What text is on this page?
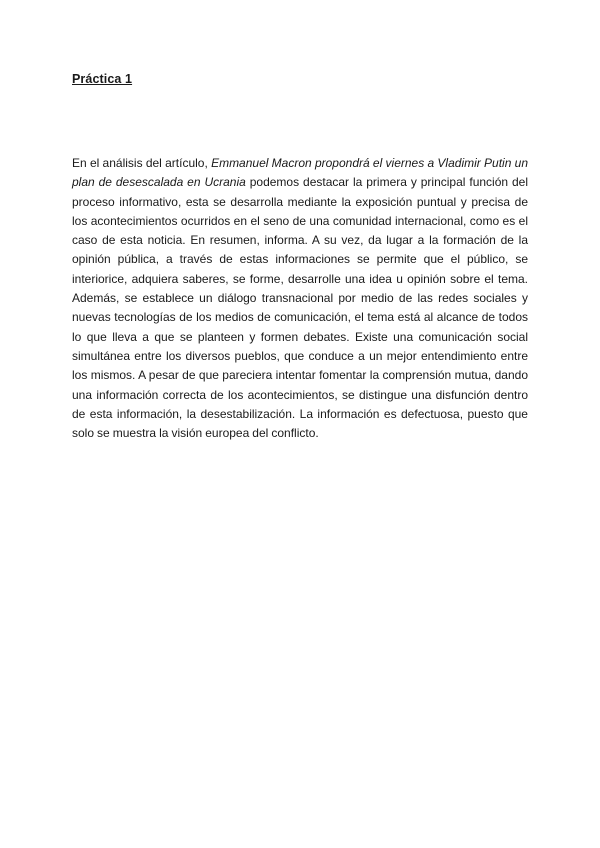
Práctica 1

En el análisis del artículo, Emmanuel Macron propondrá el viernes a Vladimir Putin un plan de desescalada en Ucrania podemos destacar la primera y principal función del proceso informativo, esta se desarrolla mediante la exposición puntual y precisa de los acontecimientos ocurridos en el seno de una comunidad internacional, como es el caso de esta noticia. En resumen, informa. A su vez, da lugar a la formación de la opinión pública, a través de estas informaciones se permite que el público, se interiorice, adquiera saberes, se forme, desarrolle una idea u opinión sobre el tema. Además, se establece un diálogo transnacional por medio de las redes sociales y nuevas tecnologías de los medios de comunicación, el tema está al alcance de todos lo que lleva a que se planteen y formen debates. Existe una comunicación social simultánea entre los diversos pueblos, que conduce a un mejor entendimiento entre los mismos. A pesar de que pareciera intentar fomentar la comprensión mutua, dando una información correcta de los acontecimientos, se distingue una disfunción dentro de esta información, la desestabilización. La información es defectuosa, puesto que solo se muestra la visión europea del conflicto.
